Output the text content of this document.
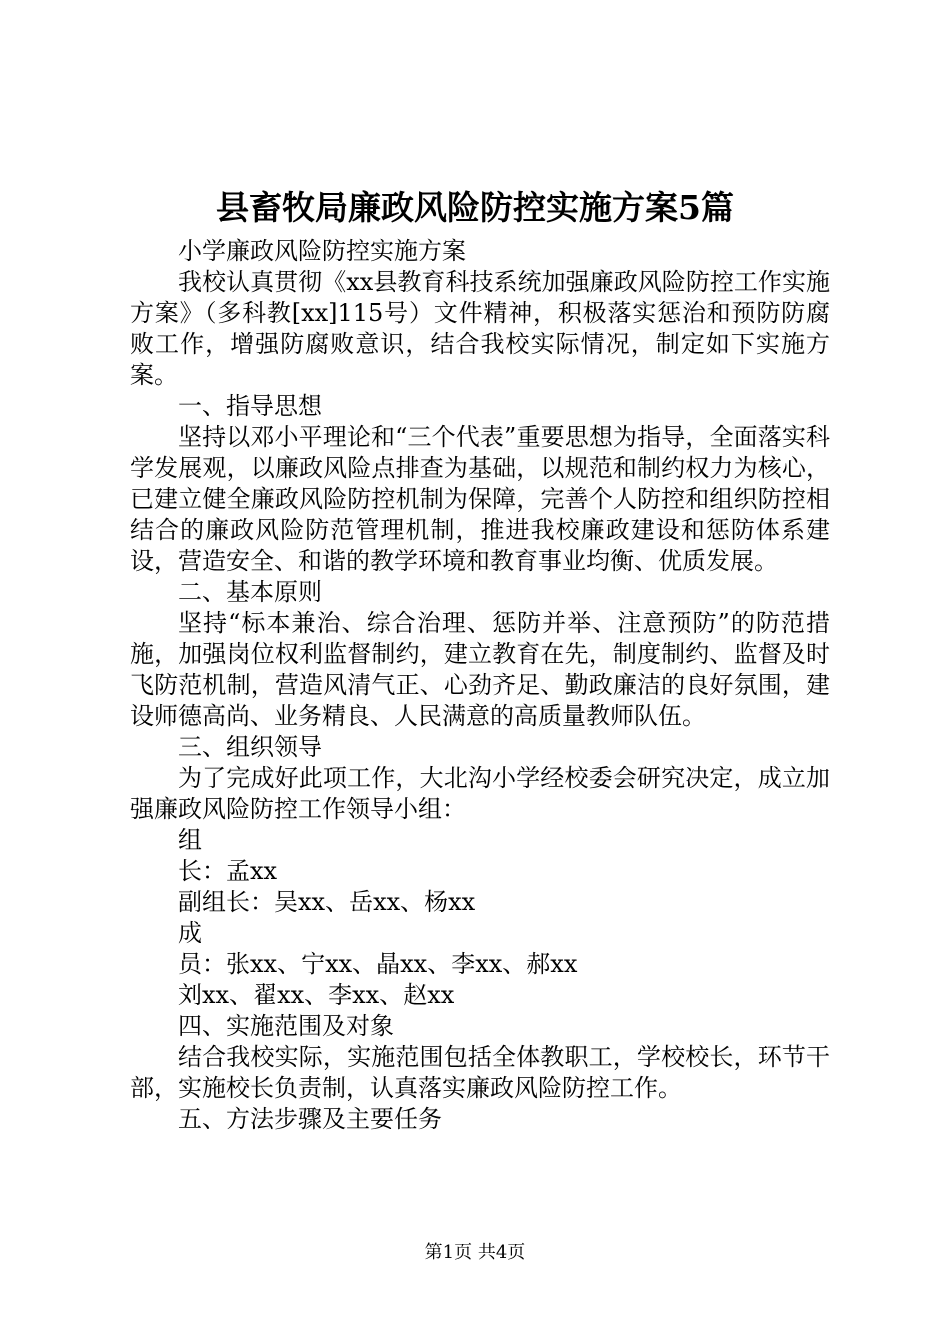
县畜牧局廉政风险防控实施方案5篇

小学廉政风险防控实施方案

我校认真贯彻《xx县教育科技系统加强廉政风险防控工作实施方案》（多科教[xx]115号）文件精神，积极落实惩治和预防防腐败工作，增强防腐败意识，结合我校实际情况，制定如下实施方案。

一、指导思想

坚持以邓小平理论和“三个代表”重要思想为指导，全面落实科学发展观，以廉政风险点排查为基础，以规范和制约权力为核心，已建立健全廉政风险防控机制为保障，完善个人防控和组织防控相结合的廉政风险防范管理机制，推进我校廉政建设和惩防体系建设，营造安全、和谐的教学环境和教育事业均衡、优质发展。

二、基本原则

坚持“标本兼治、综合治理、惩防并举、注意预防”的防范措施，加强岗位权利监督制约，建立教育在先，制度制约、监督及时飞防范机制，营造风清气正、心劲齐足、勤政廉洁的良好氛围，建设师德高尚、业务精良、人民满意的高质量教师队伍。

三、组织领导

为了完成好此项工作，大北沟小学经校委会研究决定，成立加强廉政风险防控工作领导小组：

组

长：孟xx

副组长：吴xx、岳xx、杨xx

成

员：张xx、宁xx、晶xx、李xx、郝xx

刘xx、翟xx、李xx、赵xx

四、实施范围及对象

结合我校实际，实施范围包括全体教职工，学校校长，环节干部，实施校长负责制，认真落实廉政风险防控工作。

五、方法步骤及主要任务

第1页 共4页
